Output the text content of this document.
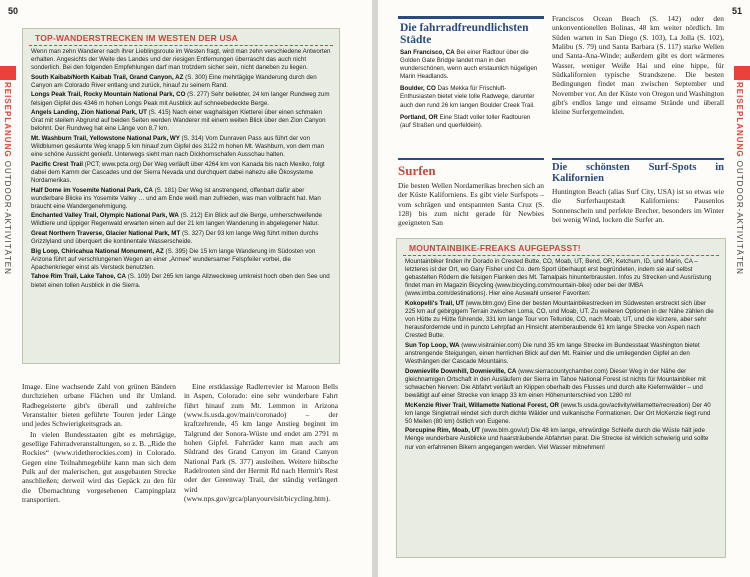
50
REISEPLANUNG OUTDOOR-AKTIVITÄTEN
TOP-WANDERSTRECKEN IM WESTEN DER USA

Wenn man zehn Wanderer nach ihrer Lieblingsroute im Westen fragt, wird man zehn verschiedene Antworten erhalten. Angesichts der Weite des Landes und der riesigen Entfernungen überrascht das auch nicht sonderlich. Bei den folgenden Empfehlungen darf man trotzdem sicher sein, nicht daneben zu liegen.

South Kaibab/North Kaibab Trail, Grand Canyon, AZ (S. 300) Eine mehrtägige Wanderung durch den Canyon am Colorado River entlang und zurück, hinauf zu seinem Rand.

Longs Peak Trail, Rocky Mountain National Park, CO (S. 277) Sehr beliebter, 24 km langer Rundweg zum felsigen Gipfel des 4346 m hohen Longs Peak mit Ausblick auf schneebedeckte Berge.

Angels Landing, Zion National Park, UT (S. 415) Nach einer waghalsigen Kletterei über einen schmalen Grat mit steilem Abgrund auf beiden Seiten werden Wanderer mit einem weiten Blick über den Zion Canyon belohnt. Der Rundweg hat eine Länge von 8,7 km.

Mt. Washburn Trail, Yellowstone National Park, WY (S. 314) Vom Dunraven Pass aus führt der von Wildblumen gesäumte Weg knapp 5 km hinauf zum Gipfel des 3122 m hohen Mt. Washburn, von dem man eine schöne Aussicht genießt. Unterwegs sieht man nach Dickhornschafen Ausschau halten.

Pacific Crest Trail (PCT; www.pcta.org) Der Weg verläuft über 4264 km von Kanada bis nach Mexiko, folgt dabei dem Kamm der Cascades und der Sierra Nevada und durchquert dabei nahezu alle Ökosysteme Nordamerikas.

Half Dome im Yosemite National Park, CA (S. 181) Der Weg ist anstrengend, offenbart dafür aber wunderbare Blicke ins Yosemite Valley … und am Ende weiß man zufrieden, was man vollbracht hat. Man braucht eine Wandergenehmigung.

Enchanted Valley Trail, Olympic National Park, WA (S. 212) Ein Blick auf die Berge, umherschweifende Wildtiere und üppiger Regenwald erwarten einen auf der 21 km langen Wanderung in abgelegener Natur.

Great Northern Traverse, Glacier National Park, MT (S. 327) Der 93 km lange Weg führt mitten durchs Grizzlyland und überquert die kontinentale Wasserscheide.

Big Loop, Chiricahua National Monument, AZ (S. 395) Die 15 km lange Wanderung im Südosten von Arizona führt auf verschlungenen Wegen an einer „Armee“ wundersamer Felspfeiler vorbei, die Apachenkrieger einst als Versteck benutzten.

Tahoe Rim Trail, Lake Tahoe, CA (S. 109) Der 265 km lange Allzweckweg umkreist hoch oben den See und bietet einen tollen Ausblick in die Sierra.

Image. Eine wachsende Zahl von grünen Bändern durchziehen urbane Flächen und ihr Umland. Radbegeisterte gibt's überall und zahlreiche Veranstalter bieten geführte Touren jeder Länge und jedes Schwierigkeitsgrads an.

In vielen Bundesstaaten gibt es mehrtägige, gesellige Fahrradveranstaltungen, so z. B. „Ride the Rockies“ (www.ridetherockies.com) in Colorado. Gegen eine Teilnahmegebühr kann man sich dem Pulk auf der malerischen, gut ausgebauten Strecke anschließen; derweil wird das Gepäck zu den für die Übernachtung vorgesehenen Campingplatz transportiert.

Eine erstklassige Radlerrevier ist Maroon Bells in Aspen, Colorado: eine sehr wunderbare Fahrt führt hinauf zum Mt. Lemmon in Arizona (www.fs.usda.gov/main/coronado) – der kraftzehrende, 45 km lange Anstieg beginnt im Talgrund der Sonora-Wüste und endet am 2791 m hohen Gipfel. Fahrräder kann man auch am Südrand des Grand Canyon im Grand Canyon National Park (S. 377) ausleihen. Weitere hübsche Radelrouten sind der Hermit Rd nach Hermit's Rest oder der Greenway Trail, der ständig verlängert wird (www.nps.gov/grca/planyourvisit/bicycling.htm).

51
REISEPLANUNG OUTDOOR-AKTIVITÄTEN
Die fahrradfreundlichsten Städte

San Francisco, CA Bei einer Radtour über die Golden Gate Bridge landet man in den wunderschönen, wenn auch erstaunlich hügeligen Marin Headlands.

Boulder, CO Das Mekka für Frischluft-Enthusiasten bietet viele tolle Radwege, darunter auch den rund 26 km langen Boulder Creek Trail.

Portland, OR Eine Stadt voller toller Radtouren (auf Straßen und querfeldein).

Surfen

Die besten Wellen Nordamerikas brechen sich an der Küste Kaliforniens. Es gibt viele Surfspots – vom schrägen und entspannten Santa Cruz (S. 128) bis zum nicht gerade für Newbies geeigneten San

Franciscos Ocean Beach (S. 142) oder den unkonventionellen Bolinas, 48 km weiter nördlich. Im Süden warten in San Diego (S. 103), La Jolla (S. 102), Malibu (S. 79) und Santa Barbara (S. 117) starke Wellen und Santa-Ana-Winde; außerdem gibt es dort wärmeres Wasser, weniger Weiße Hai und eine hippe, für Südkalifornien typische Strandszene. Die besten Bedingungen findet man zwischen September und November vor. An der Küste von Oregon und Washington gibt's endlos lange und einsame Strände und überall kleine Surfergemeinden.

Die schönsten Surf-Spots in Kalifornien

Huntington Beach (alias Surf City, USA) ist so etwas wie die Surferhauptstadt Kaliforniens: Pausenlos Sonnenschein und perfekte Brecher, besonders im Winter bei wenig Wind, locken die Surfer an.

MOUNTAINBIKE-FREAKS AUFGEPASST!

Mountainbiker finden ihr Dorado in Crested Butte, CO, Moab, UT, Bend, OR, Ketchum, ID, und Marin, CA – letzteres ist der Ort, wo Gary Fisher und Co. dem Sport überhaupt erst begründeten, indem sie auf selbst gebastelten Rödern die felsigen Flanken des Mt. Tamalpais hinunterbrausten. Infos zu Strecken und Ausrüstung findet man im Magazin Bicycling (www.bicycling.com/mountain-bike) oder bei der IMBA (www.imba.com/destinations). Hier eine Auswahl unserer Favoriten:

Kokopelli's Trail, UT (www.blm.gov) Eine der besten Mountainbikestrecken im Südwesten erstreckt sich über 225 km auf gebirgigem Terrain zwischen Loma, CO, und Moab, UT. Zu weiteren Optionen in der Nähe zählen die von Hütte zu Hütte führende, 331 km lange Tour von Telluride, CO, nach Moab, UT, und die kürzere, aber sehr herausfordernde und in puncto Lehrpfad an Hinsicht atemberaubende 61 km lange Strecke von Aspen nach Crested Butte.

Sun Top Loop, WA (www.visitrainier.com) Die rund 35 km lange Strecke im Bundesstaat Washington bietet anstrengende Steigungen, einen herrlichen Blick auf den Mt. Rainier und die umliegenden Gipfel an den Westhängen der Cascade Mountains.

Downieville Downhill, Downieville, CA (www.sierracountychamber.com) Dieser Weg in der Nähe der gleichnamigen Ortschaft in den Ausläufern der Sierra im Tahoe National Forest ist nichts für Mountainbiker mit schwachen Nerven: Die Abfahrt verläuft an Klippen oberhalb des Flusses und durch alte Kiefernwälder – und bewältigt auf einer Strecke von knapp 33 km einen Höhenunterschied von 1280 m!

McKenzie River Trail, Willamette National Forest, OR (www.fs.usda.gov/activity/willamette/recreation) Der 40 km lange Singletrail windet sich durch dichte Wälder und vulkanische Formationen. Der Ort McKenzie liegt rund 50 Meilen (80 km) östlich von Eugene.

Porcupine Rim, Moab, UT (www.blm.gov/ut) Die 48 km lange, ehrwürdige Schleife durch die Wüste hält jede Menge wunderbare Ausblicke und haarsträubende Abfahrten parat. Die Strecke ist wirklich schwierig und sollte nur von erfahrenen Bikern angegangen werden. Viel Wasser mitnehmen!
